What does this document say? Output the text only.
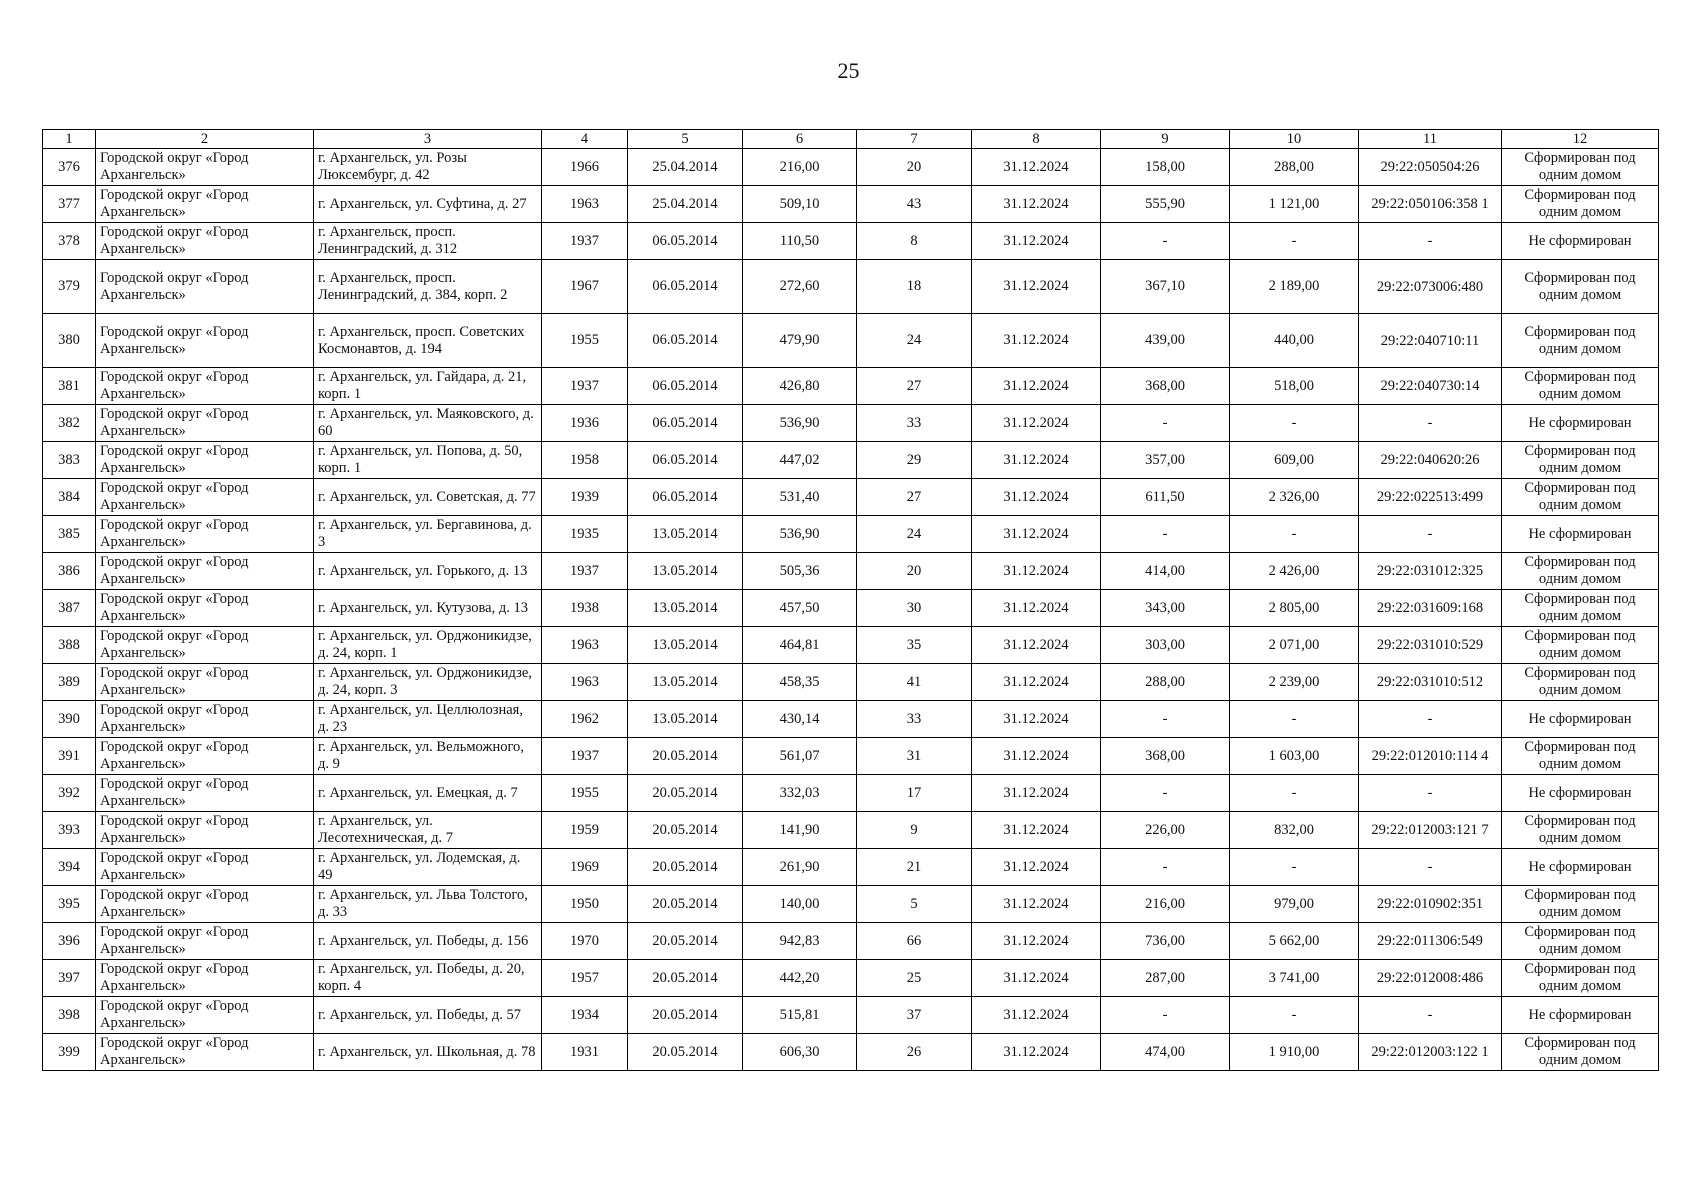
25
1	2	3	4	5	6	7	8	9	10	11	12
376	Городской округ «Город Архангельск»	г. Архангельск, ул. Розы Люксембург, д. 42	1966	25.04.2014	216,00	20	31.12.2024	158,00	288,00	29:22:050504:26	Сформирован под одним домом
377	Городской округ «Город Архангельск»	г. Архангельск, ул. Суфтина, д. 27	1963	25.04.2014	509,10	43	31.12.2024	555,90	1 121,00	29:22:050106:358 1	Сформирован под одним домом
378	Городской округ «Город Архангельск»	г. Архангельск, просп. Ленинградский, д. 312	1937	06.05.2014	110,50	8	31.12.2024	-	-	-	Не сформирован
379	Городской округ «Город Архангельск»	г. Архангельск, просп. Ленинградский, д. 384, корп. 2	1967	06.05.2014	272,60	18	31.12.2024	367,10	2 189,00	29:22:073006:480	Сформирован под одним домом
380	Городской округ «Город Архангельск»	г. Архангельск, просп. Советских Космонавтов, д. 194	1955	06.05.2014	479,90	24	31.12.2024	439,00	440,00	29:22:040710:11	Сформирован под одним домом
381	Городской округ «Город Архангельск»	г. Архангельск, ул. Гайдара, д. 21, корп. 1	1937	06.05.2014	426,80	27	31.12.2024	368,00	518,00	29:22:040730:14	Сформирован под одним домом
382	Городской округ «Город Архангельск»	г. Архангельск, ул. Маяковского, д. 60	1936	06.05.2014	536,90	33	31.12.2024	-	-	-	Не сформирован
383	Городской округ «Город Архангельск»	г. Архангельск, ул. Попова, д. 50, корп. 1	1958	06.05.2014	447,02	29	31.12.2024	357,00	609,00	29:22:040620:26	Сформирован под одним домом
384	Городской округ «Город Архангельск»	г. Архангельск, ул. Советская, д. 77	1939	06.05.2014	531,40	27	31.12.2024	611,50	2 326,00	29:22:022513:499	Сформирован под одним домом
385	Городской округ «Город Архангельск»	г. Архангельск, ул. Бергавинова, д. 3	1935	13.05.2014	536,90	24	31.12.2024	-	-	-	Не сформирован
386	Городской округ «Город Архангельск»	г. Архангельск, ул. Горького, д. 13	1937	13.05.2014	505,36	20	31.12.2024	414,00	2 426,00	29:22:031012:325	Сформирован под одним домом
387	Городской округ «Город Архангельск»	г. Архангельск, ул. Кутузова, д. 13	1938	13.05.2014	457,50	30	31.12.2024	343,00	2 805,00	29:22:031609:168	Сформирован под одним домом
388	Городской округ «Город Архангельск»	г. Архангельск, ул. Орджоникидзе, д. 24, корп. 1	1963	13.05.2014	464,81	35	31.12.2024	303,00	2 071,00	29:22:031010:529	Сформирован под одним домом
389	Городской округ «Город Архангельск»	г. Архангельск, ул. Орджоникидзе, д. 24, корп. 3	1963	13.05.2014	458,35	41	31.12.2024	288,00	2 239,00	29:22:031010:512	Сформирован под одним домом
390	Городской округ «Город Архангельск»	г. Архангельск, ул. Целлюлозная, д. 23	1962	13.05.2014	430,14	33	31.12.2024	-	-	-	Не сформирован
391	Городской округ «Город Архангельск»	г. Архангельск, ул. Вельможного, д. 9	1937	20.05.2014	561,07	31	31.12.2024	368,00	1 603,00	29:22:012010:114 4	Сформирован под одним домом
392	Городской округ «Город Архангельск»	г. Архангельск, ул. Емецкая, д. 7	1955	20.05.2014	332,03	17	31.12.2024	-	-	-	Не сформирован
393	Городской округ «Город Архангельск»	г. Архангельск, ул. Лесотехническая, д. 7	1959	20.05.2014	141,90	9	31.12.2024	226,00	832,00	29:22:012003:121 7	Сформирован под одним домом
394	Городской округ «Город Архангельск»	г. Архангельск, ул. Лодемская, д. 49	1969	20.05.2014	261,90	21	31.12.2024	-	-	-	Не сформирован
395	Городской округ «Город Архангельск»	г. Архангельск, ул. Льва Толстого, д. 33	1950	20.05.2014	140,00	5	31.12.2024	216,00	979,00	29:22:010902:351	Сформирован под одним домом
396	Городской округ «Город Архангельск»	г. Архангельск, ул. Победы, д. 156	1970	20.05.2014	942,83	66	31.12.2024	736,00	5 662,00	29:22:011306:549	Сформирован под одним домом
397	Городской округ «Город Архангельск»	г. Архангельск, ул. Победы, д. 20, корп. 4	1957	20.05.2014	442,20	25	31.12.2024	287,00	3 741,00	29:22:012008:486	Сформирован под одним домом
398	Городской округ «Город Архангельск»	г. Архангельск, ул. Победы, д. 57	1934	20.05.2014	515,81	37	31.12.2024	-	-	-	Не сформирован
399	Городской округ «Город Архангельск»	г. Архангельск, ул. Школьная, д. 78	1931	20.05.2014	606,30	26	31.12.2024	474,00	1 910,00	29:22:012003:122 1	Сформирован под одним домом
